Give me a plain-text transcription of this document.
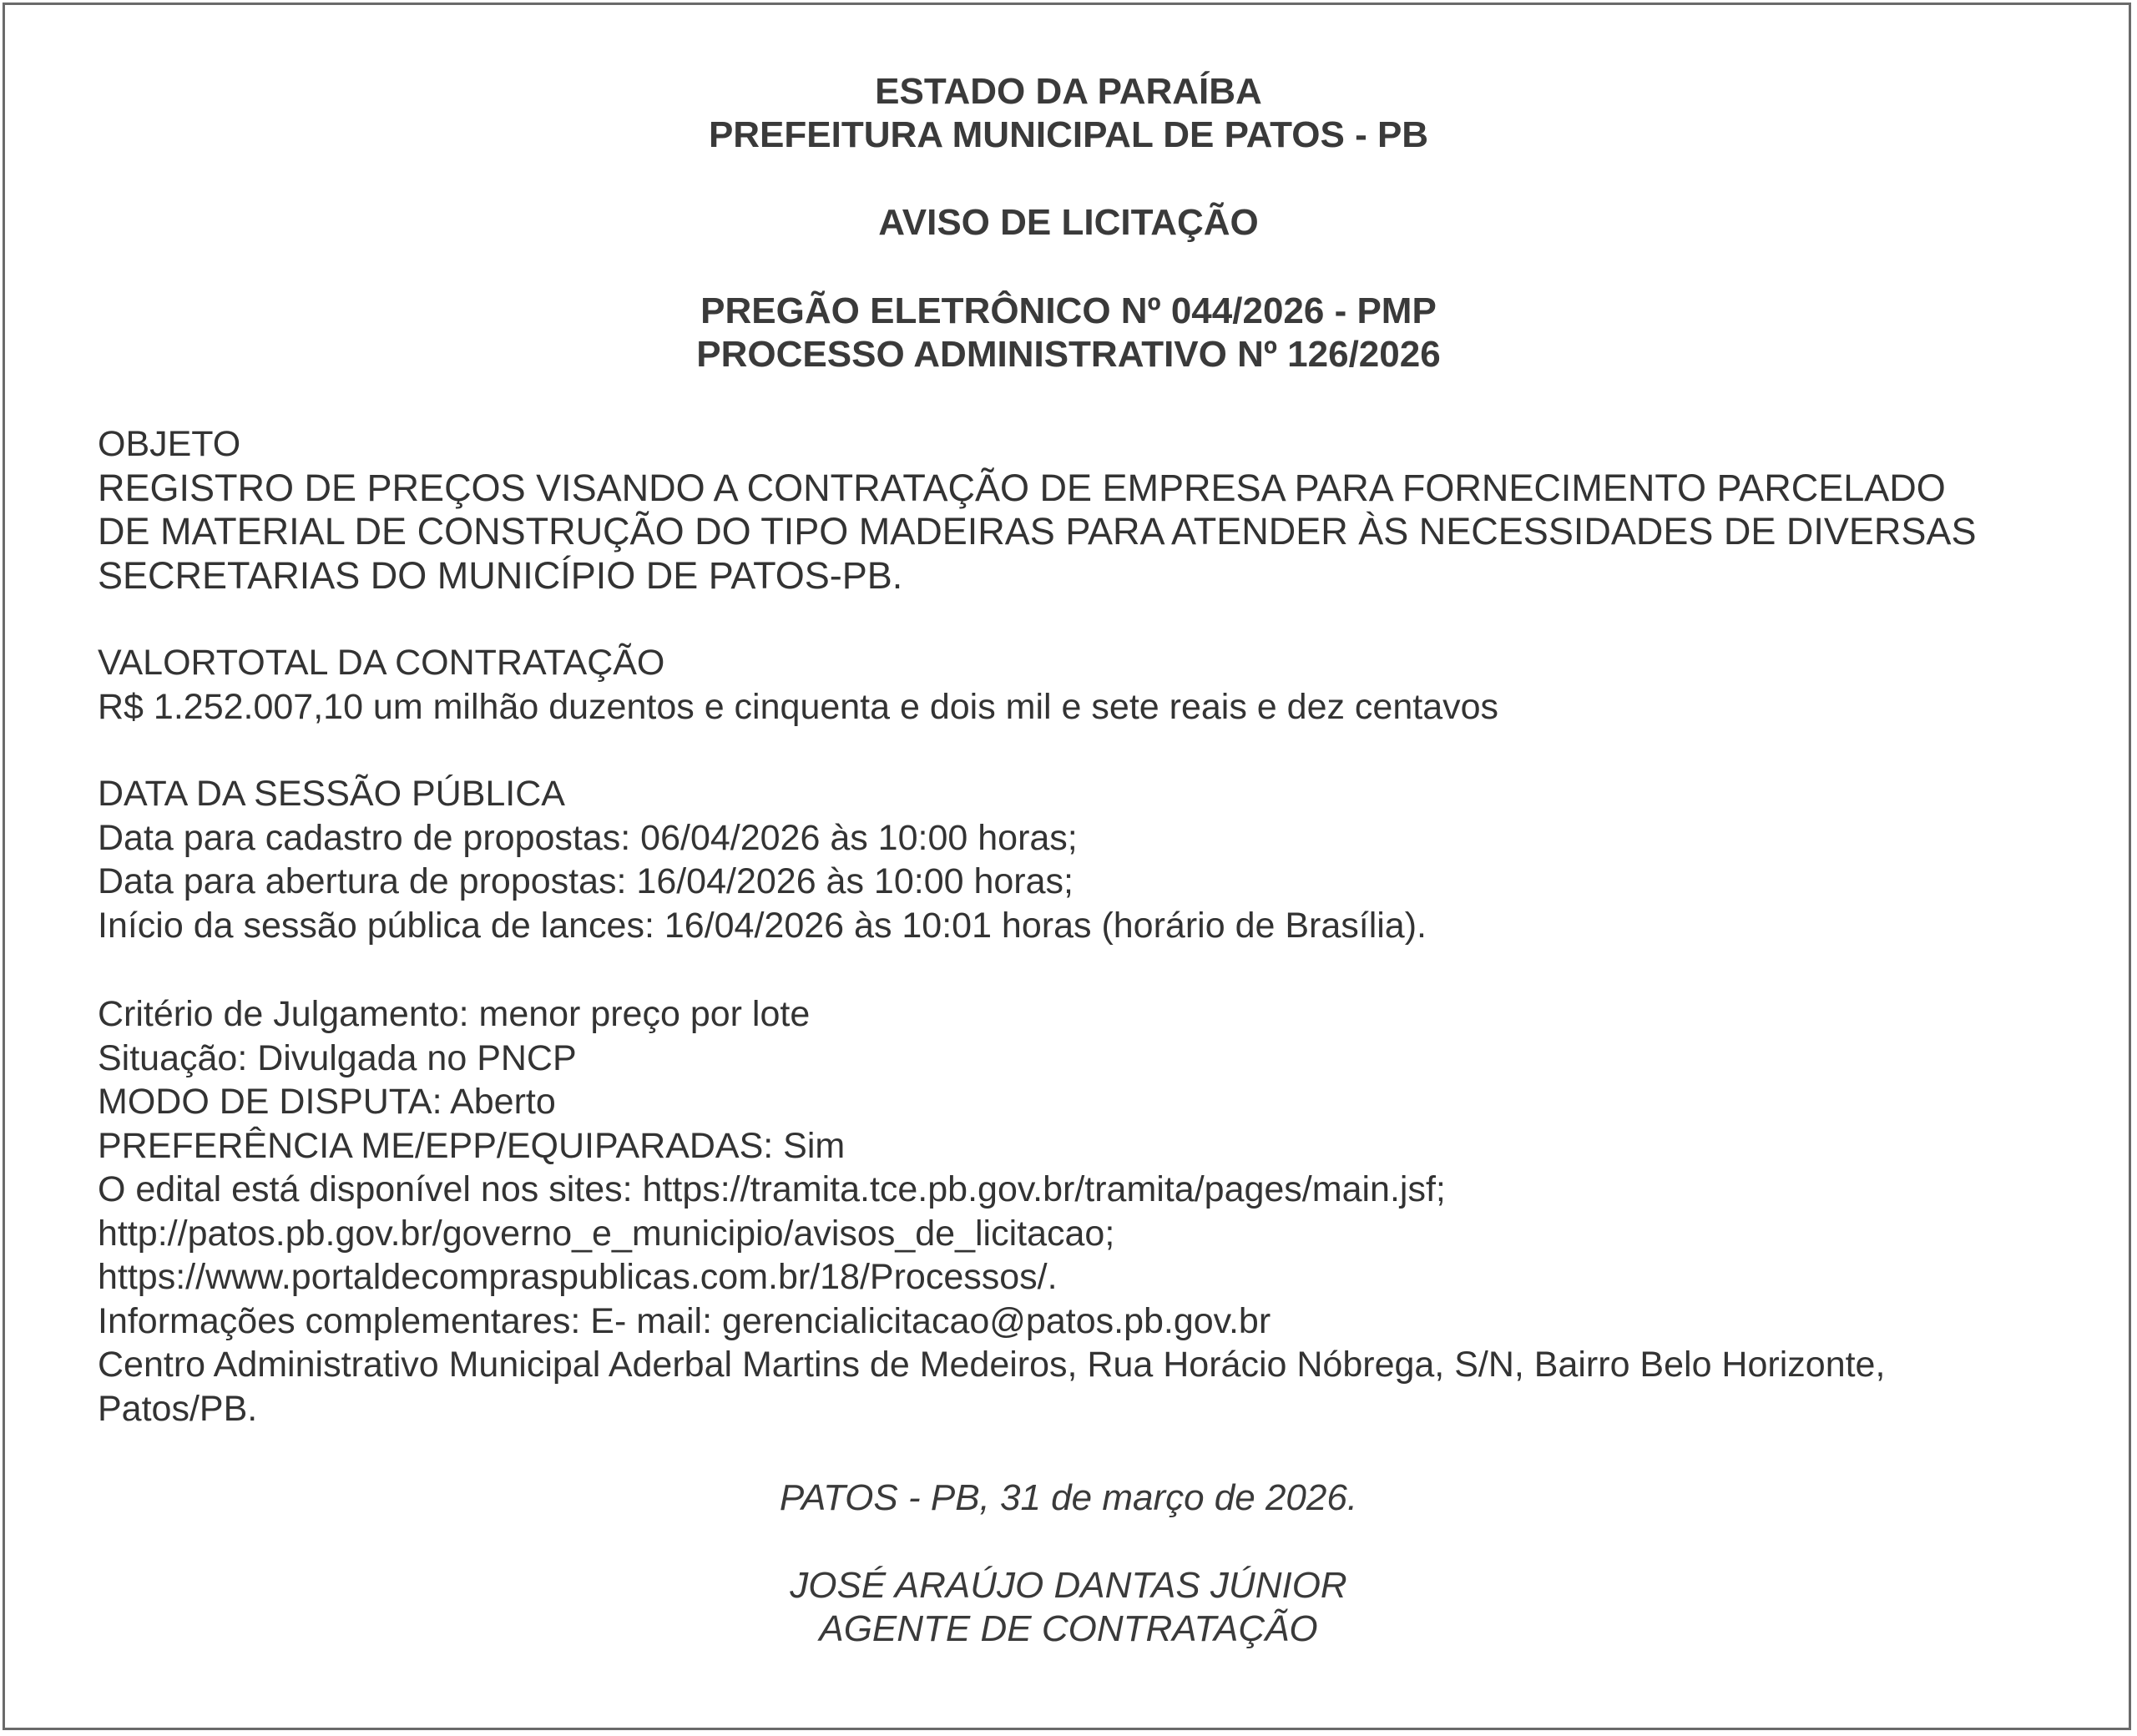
ESTADO DA PARAÍBA
PREFEITURA MUNICIPAL DE PATOS - PB
AVISO DE LICITAÇÃO
PREGÃO ELETRÔNICO Nº 044/2026 - PMP
PROCESSO ADMINISTRATIVO Nº 126/2026
OBJETO
REGISTRO DE PREÇOS VISANDO A CONTRATAÇÃO DE EMPRESA PARA FORNECIMENTO PARCELADO
DE MATERIAL DE CONSTRUÇÃO DO TIPO MADEIRAS PARA ATENDER ÀS NECESSIDADES DE DIVERSAS
SECRETARIAS DO MUNICÍPIO DE PATOS-PB.
VALORTOTAL DA CONTRATAÇÃO
R$ 1.252.007,10 um milhão duzentos e cinquenta e dois mil e sete reais e dez centavos
DATA DA SESSÃO PÚBLICA
Data para cadastro de propostas: 06/04/2026 às 10:00 horas;
Data para abertura de propostas: 16/04/2026 às 10:00 horas;
Início da sessão pública de lances: 16/04/2026 às 10:01 horas (horário de Brasília).
Critério de Julgamento: menor preço por lote
Situação: Divulgada no PNCP
MODO DE DISPUTA: Aberto
PREFERÊNCIA ME/EPP/EQUIPARADAS: Sim
O edital está disponível nos sites: https://tramita.tce.pb.gov.br/tramita/pages/main.jsf;
http://patos.pb.gov.br/governo_e_municipio/avisos_de_licitacao;
https://www.portaldecompraspublicas.com.br/18/Processos/.
Informações complementares: E- mail: gerencialicitacao@patos.pb.gov.br
Centro Administrativo Municipal Aderbal Martins de Medeiros, Rua Horácio Nóbrega, S/N, Bairro Belo Horizonte,
Patos/PB.
PATOS - PB, 31 de março de 2026.
JOSÉ ARAÚJO DANTAS JÚNIOR
AGENTE DE CONTRATAÇÃO
